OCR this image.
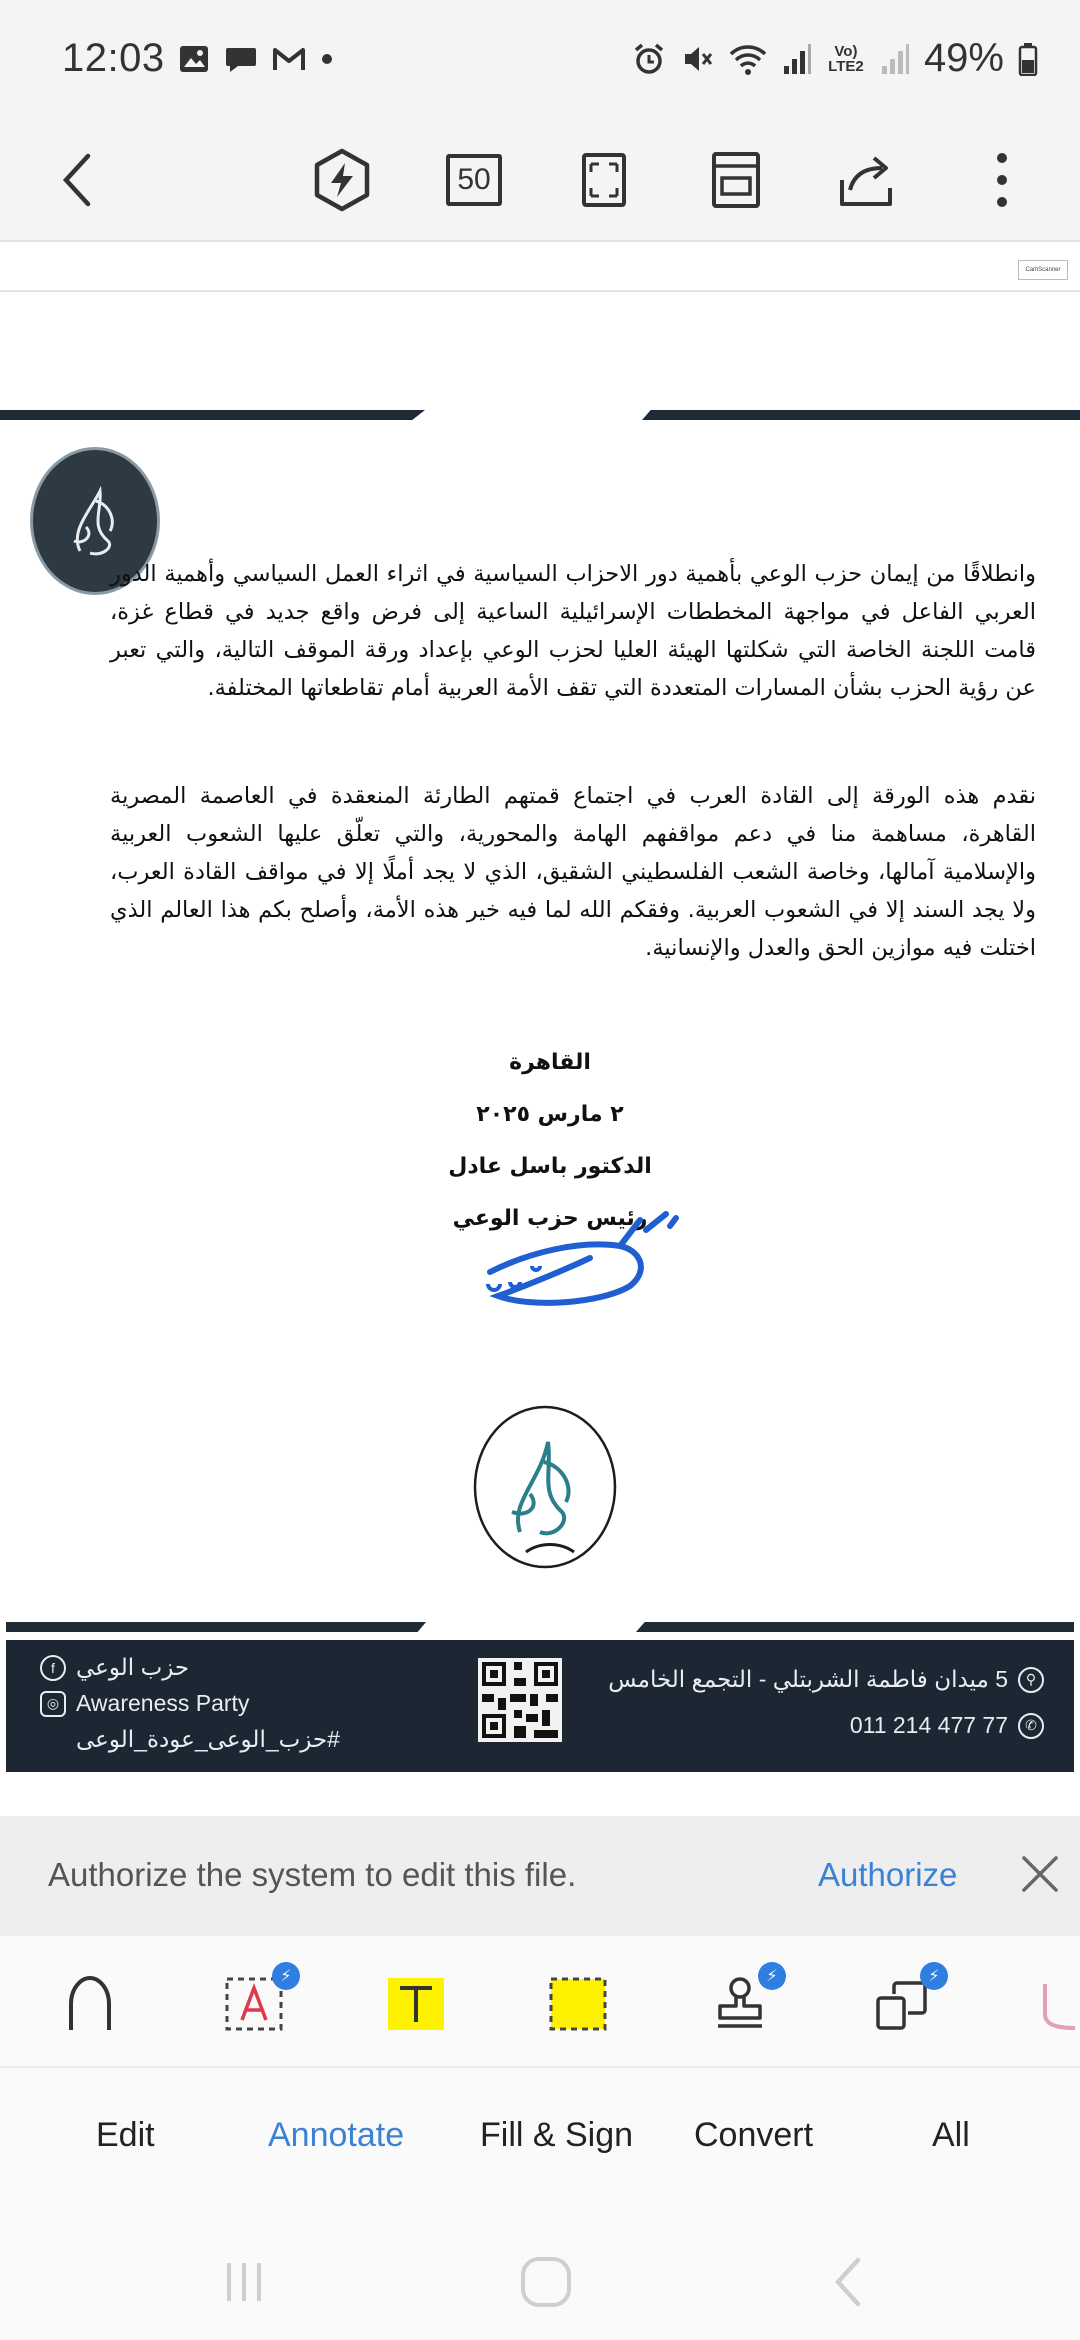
12:03	Vo) LTE2 49%
50
CamScanner

وانطلاقًا من إيمان حزب الوعي بأهمية دور الاحزاب السياسية في اثراء العمل السياسي وأهمية الدور العربي الفاعل في مواجهة المخططات الإسرائيلية الساعية إلى فرض واقع جديد في قطاع غزة، قامت اللجنة الخاصة التي شكلتها الهيئة العليا لحزب الوعي بإعداد ورقة الموقف التالية، والتي تعبر عن رؤية الحزب بشأن المسارات المتعددة التي تقف الأمة العربية أمام تقاطعاتها المختلفة.

نقدم هذه الورقة إلى القادة العرب في اجتماع قمتهم الطارئة المنعقدة في العاصمة المصرية القاهرة، مساهمة منا في دعم مواقفهم الهامة والمحورية، والتي تعلّق عليها الشعوب العربية والإسلامية آمالها، وخاصة الشعب الفلسطيني الشقيق، الذي لا يجد أملًا إلا في مواقف القادة العرب، ولا يجد السند إلا في الشعوب العربية. وفقكم الله لما فيه خير هذه الأمة، وأصلح بكم هذا العالم الذي اختلت فيه موازين الحق والعدل والإنسانية.

القاهرة
٢ مارس ٢٠٢٥
الدكتور باسل عادل
رئيس حزب الوعي
f حزب الوعي
◎ Awareness Party
#حزب_الوعى_عودة_الوعى
⚲
5 ميدان فاطمة الشربتلي - التجمع الخامس
✆
011 214 477 77
Authorize the system to edit this file.	Authorize
⚡	⚡	⚡
Edit	Annotate Fill & Sign Convert	All
